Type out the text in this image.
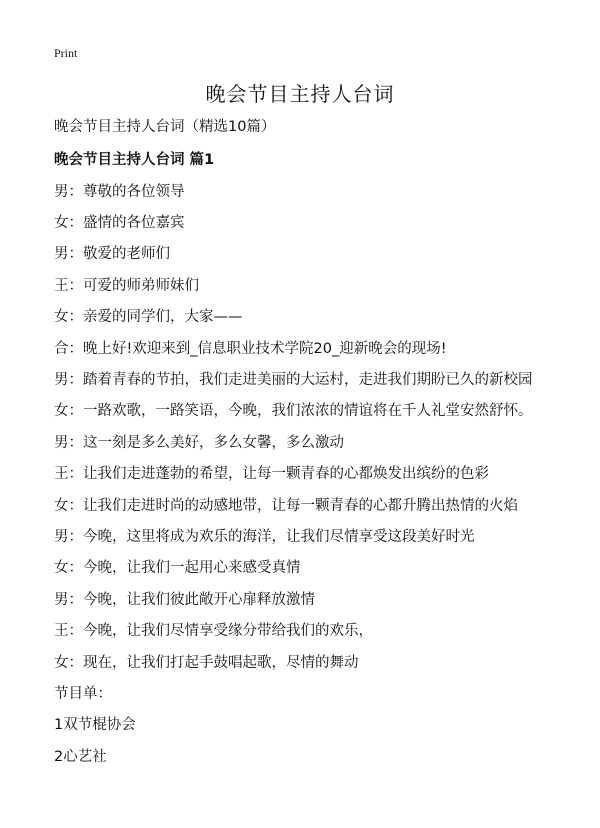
Print
晚会节目主持人台词
晚会节目主持人台词（精选10篇）
晚会节目主持人台词 篇1
男：尊敬的各位领导
女：盛情的各位嘉宾
男：敬爱的老师们
王：可爱的师弟师妹们
女：亲爱的同学们，大家——
合：晚上好!欢迎来到_信息职业技术学院20_迎新晚会的现场!
男：踏着青春的节拍，我们走进美丽的大运村，走进我们期盼已久的新校园
女：一路欢歌，一路笑语，今晚，我们浓浓的情谊将在千人礼堂安然舒怀。
男：这一刻是多么美好，多么女馨，多么激动
王：让我们走进蓬勃的希望，让每一颗青春的心都焕发出缤纷的色彩
女：让我们走进时尚的动感地带，让每一颗青春的心都升腾出热情的火焰
男：今晚，这里将成为欢乐的海洋，让我们尽情享受这段美好时光
女：今晚，让我们一起用心来感受真情
男：今晚，让我们彼此敞开心扉释放激情
王：今晚，让我们尽情享受缘分带给我们的欢乐，
女：现在，让我们打起手鼓唱起歌，尽情的舞动
节目单：
1双节棍协会
2心艺社
